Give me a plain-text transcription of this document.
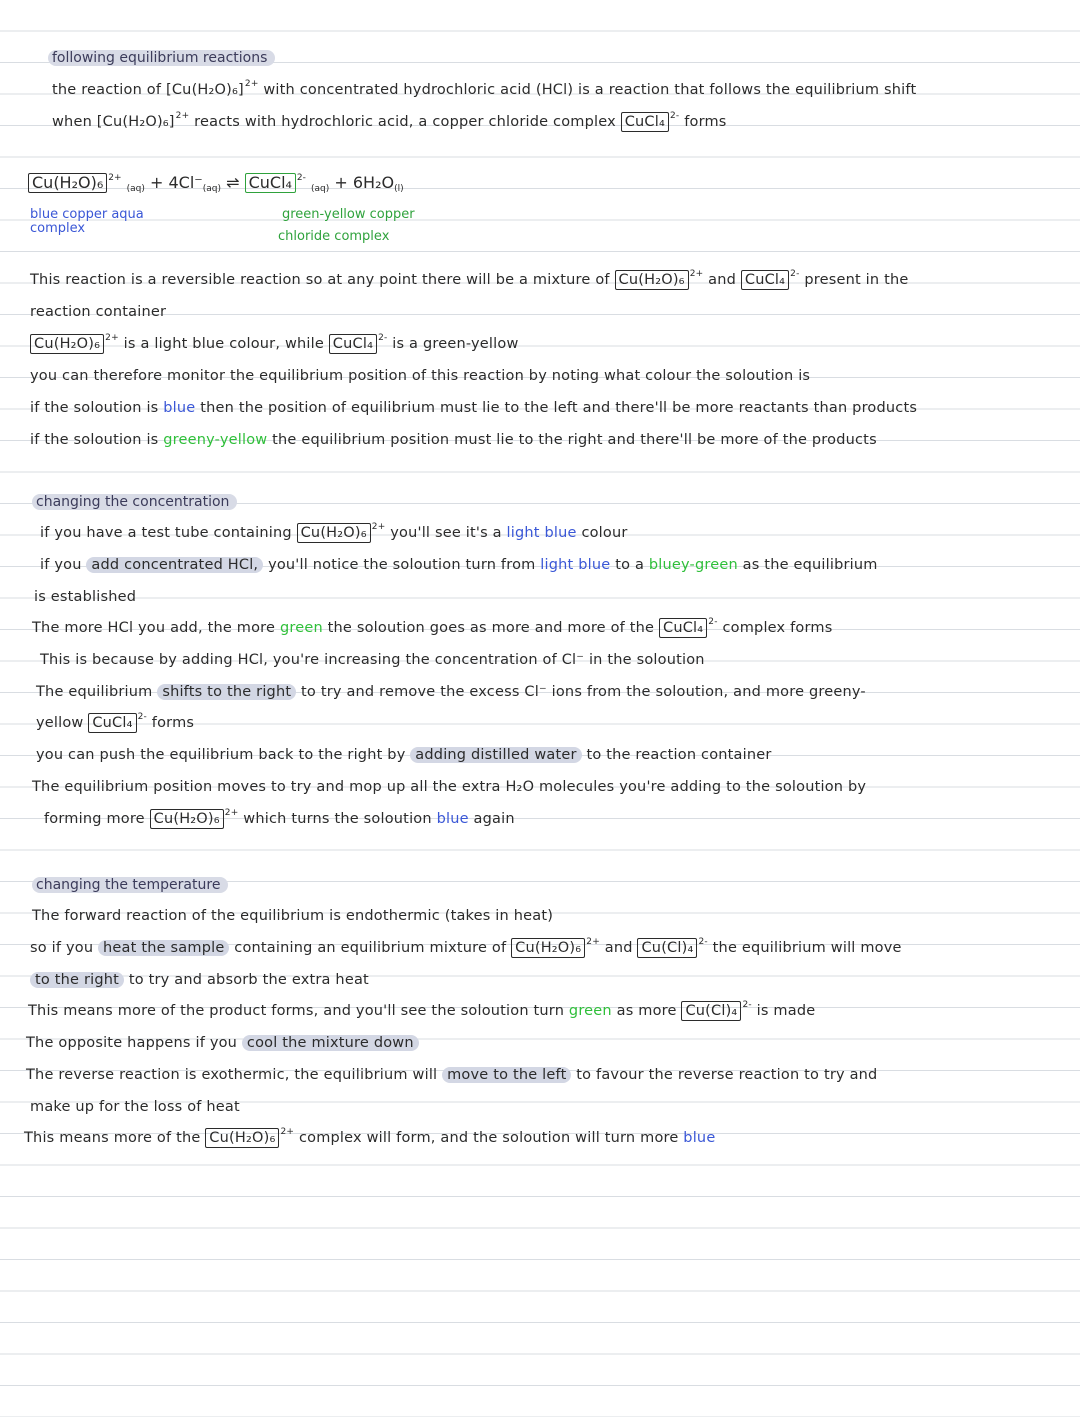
following equilibrium reactions
the reaction of $[Cu(H_2O)_6]^{2+}$ with concentrated hydrochloric acid (HCl) is a reaction that follows the equilibrium shift
when $[Cu(H_2O)_6]^{2+}$ reacts with hydrochloric acid, a copper chloride complex CuCl₄ $^{2-}$ forms
Cu(H₂O)₆ $^{2+}$ (aq) + 4Cl⁻(aq) ⇌ CuCl₄ $^{2-}$ (aq) + 6H₂O(l)
blue copper aqua
complex
green-yellow copper
chloride complex
This reaction is a reversible reaction so at any point there will be a mixture of Cu(H₂O)₆ $^{2+}$ and CuCl₄ $^{2-}$ present in the
reaction container
Cu(H₂O)₆ $^{2+}$ is a light blue colour, while CuCl₄ $^{2-}$ is a green-yellow
you can therefore monitor the equilibrium position of this reaction by noting what colour the soloution is
if the soloution is blue then the position of equilibrium must lie to the left and there'll be more reactants than products
if the soloution is greeny-yellow the equilibrium position must lie to the right and there'll be more of the products
changing the concentration
if you have a test tube containing Cu(H₂O)₆ $^{2+}$ you'll see it's a light blue colour
if you add concentrated HCl, you'll notice the soloution turn from light blue to a bluey-green as the equilibrium
is established
The more HCl you add, the more green the soloution goes as more and more of the CuCl₄ $^{2-}$ complex forms
This is because by adding HCl, you're increasing the concentration of Cl⁻ in the soloution
The equilibrium shifts to the right to try and remove the excess Cl⁻ ions from the soloution, and more greeny-
yellow CuCl₄ $^{2-}$ forms
you can push the equilibrium back to the right by adding distilled water to the reaction container
The equilibrium position moves to try and mop up all the extra H₂O molecules you're adding to the soloution by
forming more Cu(H₂O)₆ $^{2+}$ which turns the soloution blue again
changing the temperature
The forward reaction of the equilibrium is endothermic (takes in heat)
so if you heat the sample containing an equilibrium mixture of Cu(H₂O)₆ $^{2+}$ and Cu(Cl)₄ $^{2-}$ the equilibrium will move
to the right to try and absorb the extra heat
This means more of the product forms, and you'll see the soloution turn green as more Cu(Cl)₄ $^{2-}$ is made
The opposite happens if you cool the mixture down
The reverse reaction is exothermic, the equilibrium will move to the left to favour the reverse reaction to try and
make up for the loss of heat
This means more of the Cu(H₂O)₆ $^{2+}$ complex will form, and the soloution will turn more blue
